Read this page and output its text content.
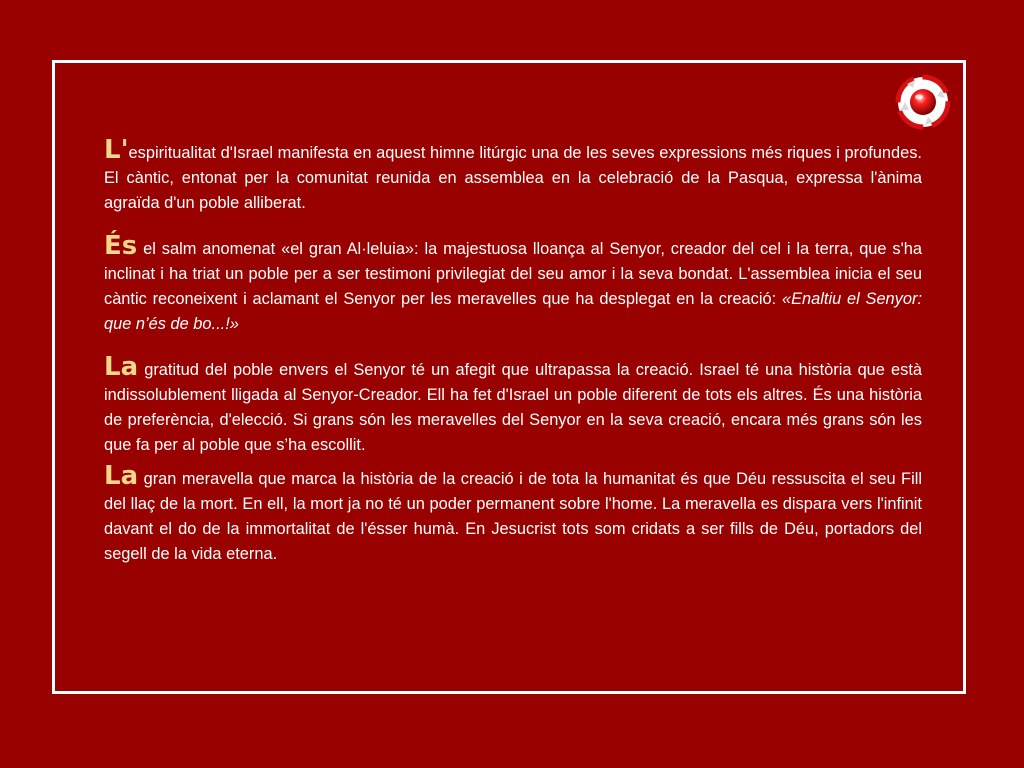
L'espiritualitat d'Israel manifesta en aquest himne litúrgic una de les seves expressions més riques i profundes. El càntic, entonat per la comunitat reunida en assemblea en la celebració de la Pasqua, expressa l'ànima agraïda d'un poble alliberat.

És el salm anomenat «el gran Al·leluia»: la majestuosa lloança al Senyor, creador del cel i la terra, que s'ha inclinat i ha triat un poble per a ser testimoni privilegiat del seu amor i la seva bondat. L'assemblea inicia el seu càntic reconeixent i aclamant el Senyor per les meravelles que ha desplegat en la creació: «Enaltiu el Senyor: que n’és de bo...!»

La gratitud del poble envers el Senyor té un afegit que ultrapassa la creació. Israel té una història que està indissolublement lligada al Senyor-Creador. Ell ha fet d'Israel un poble diferent de tots els altres. És una història de preferència, d'elecció. Si grans són les meravelles del Senyor en la seva creació, encara més grans són les que fa per al poble que s’ha escollit.

La gran meravella que marca la història de la creació i de tota la humanitat és que Déu ressuscita el seu Fill del llaç de la mort. En ell, la mort ja no té un poder permanent sobre l'home. La meravella es dispara vers l'infinit davant el do de la immortalitat de l'ésser humà. En Jesucrist tots som cridats a ser fills de Déu, portadors del segell de la vida eterna.
